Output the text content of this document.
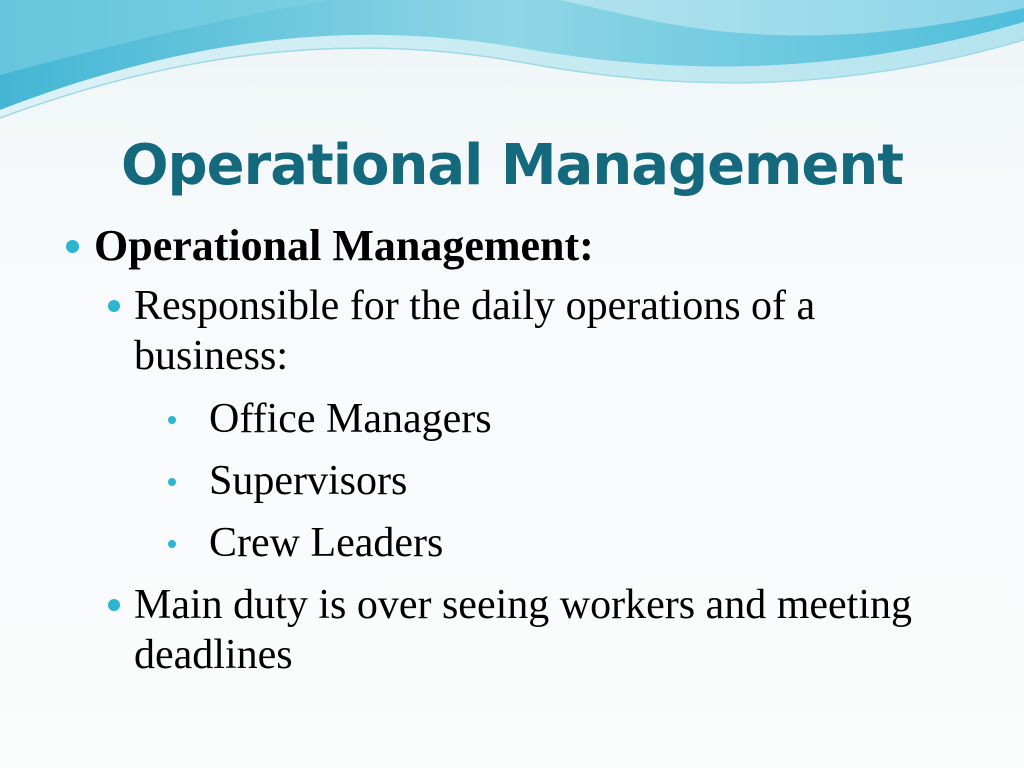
Operational Management
Operational Management:
Responsible for the daily operations of a business:
Office Managers
Supervisors
Crew Leaders
Main duty is over seeing workers and meeting deadlines
